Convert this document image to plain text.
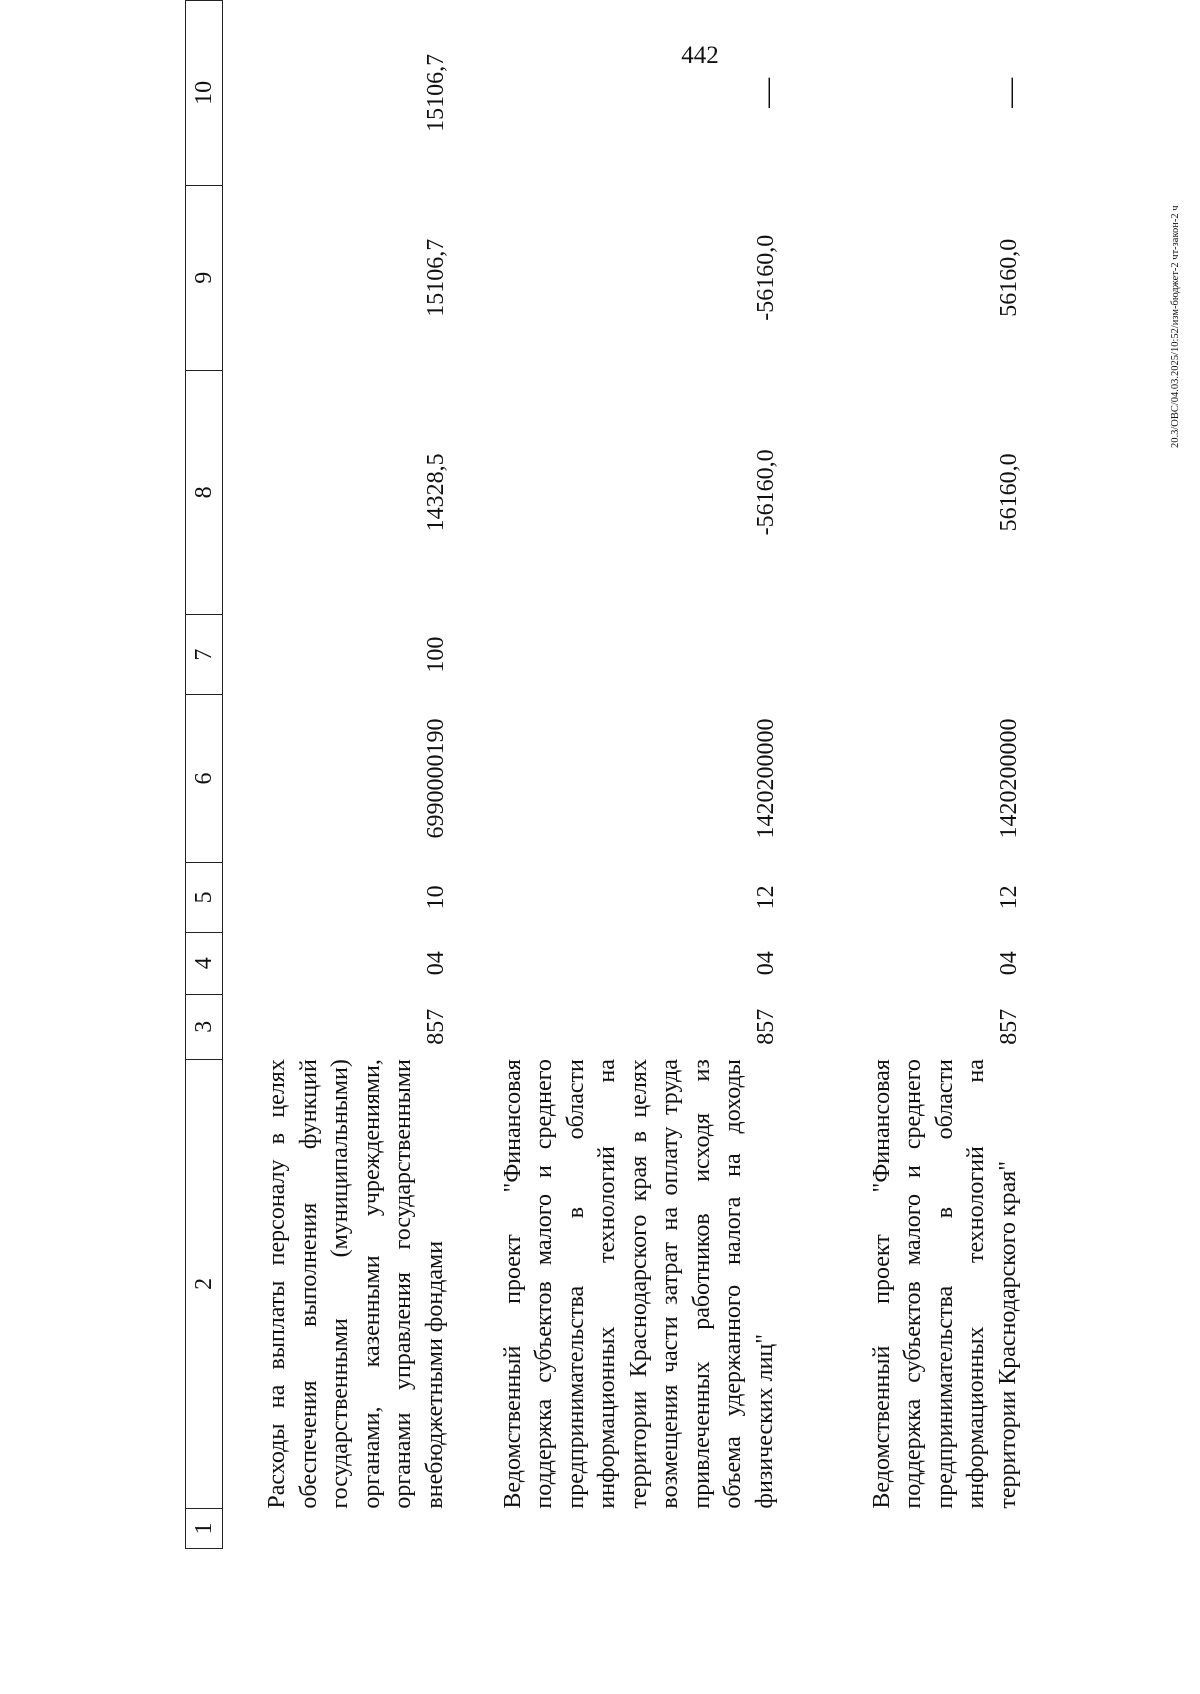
442
20.3/ОВС/04.03.2025/10:52/изм-бюджет-2 чт-закон-2 ч
1	2	3	4	5	6	7	8	9	10
	Расходы на выплаты персоналу в целях обеспечения выполнения функций государственными (муниципальными) органами, казенными учреждениями, органами управления государственными внебюджетными фондами	857	04	10	6990000190	100	14328,5	15106,7	15106,7
	Ведомственный проект "Финансовая поддержка субъектов малого и среднего предпринимательства в области информационных технологий на территории Краснодарского края в целях возмещения части затрат на оплату труда привлеченных работников исходя из объема удержанного налога на доходы физических лиц"	857	04	12	1420200000		-56160,0	-56160,0	—
	Ведомственный проект "Финансовая поддержка субъектов малого и среднего предпринимательства в области информационных технологий на территории Краснодарского края"	857	04	12	1420200000		56160,0	56160,0	—
